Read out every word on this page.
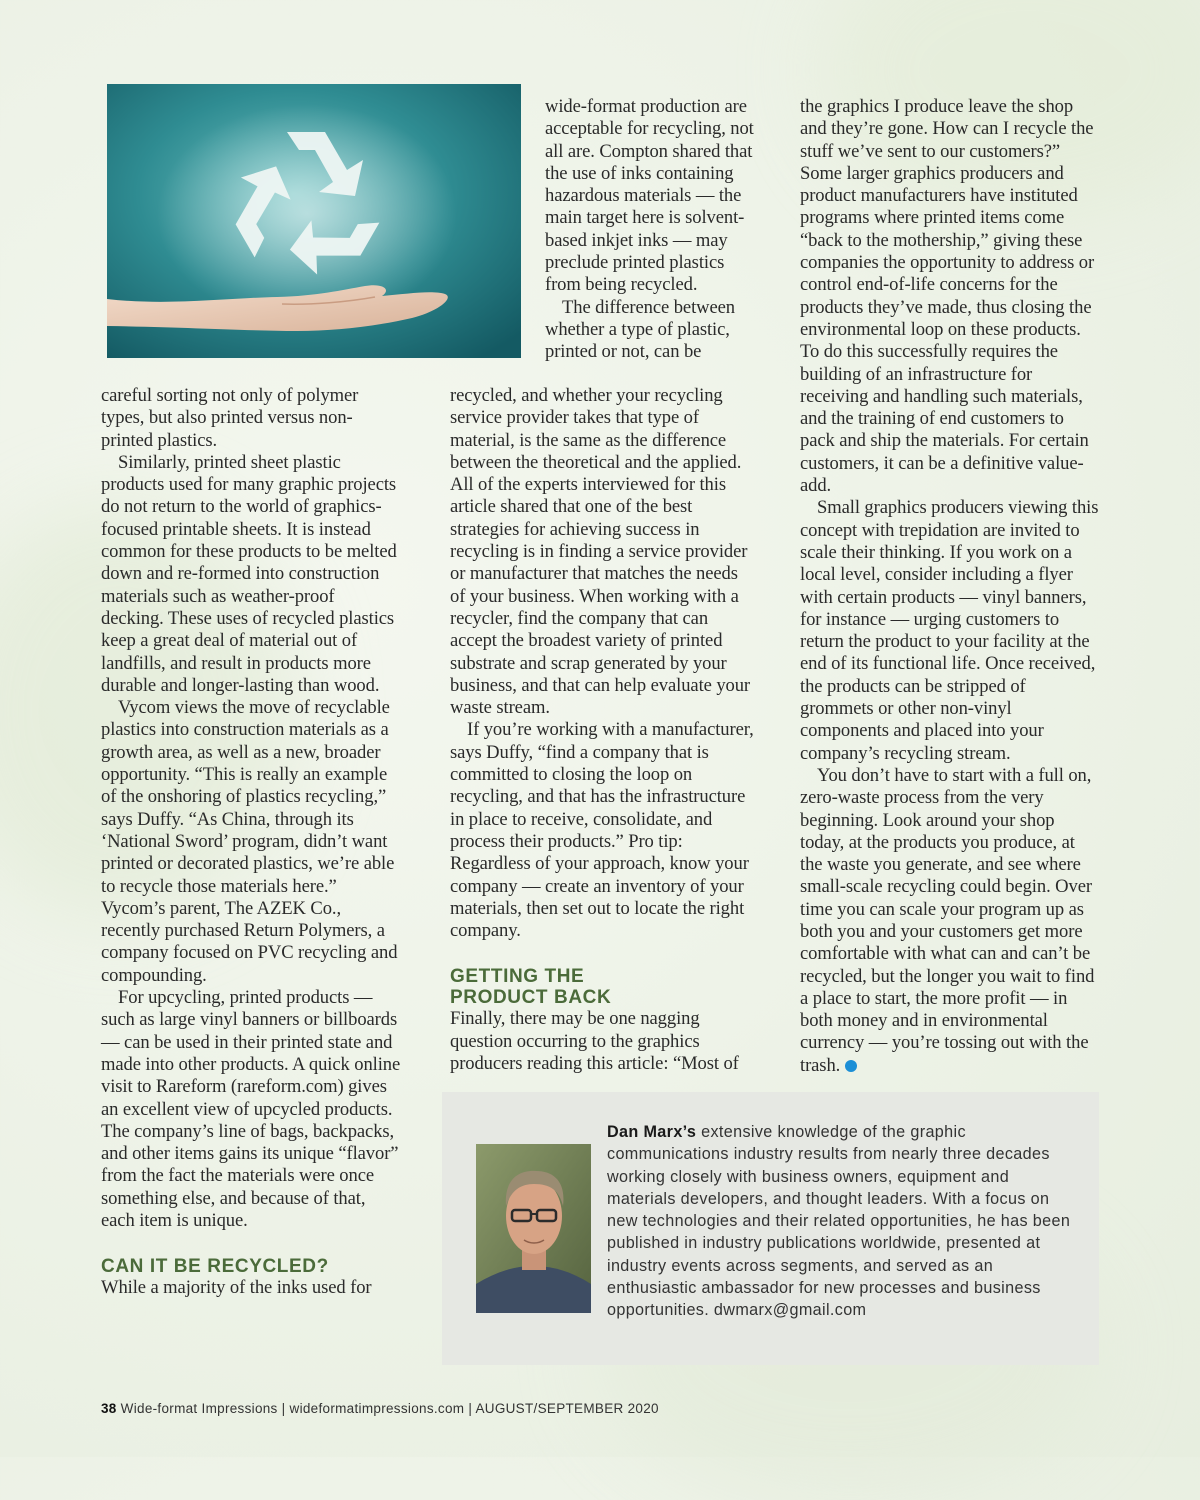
careful sorting not only of polymer types, but also printed versus non-printed plastics.

Similarly, printed sheet plastic products used for many graphic projects do not return to the world of graphics-focused printable sheets. It is instead common for these products to be melted down and re-formed into construction materials such as weather-proof decking. These uses of recycled plastics keep a great deal of material out of landfills, and result in products more durable and longer-lasting than wood.

Vycom views the move of recyclable plastics into construction materials as a growth area, as well as a new, broader opportunity. “This is really an example of the onshoring of plastics recycling,” says Duffy. “As China, through its ‘National Sword’ program, didn’t want printed or decorated plastics, we’re able to recycle those materials here.” Vycom’s parent, The AZEK Co., recently purchased Return Polymers, a company focused on PVC recycling and compounding.

For upcycling, printed products — such as large vinyl banners or billboards — can be used in their printed state and made into other products. A quick online visit to Rareform (rareform.com) gives an excellent view of upcycled products. The company’s line of bags, backpacks, and other items gains its unique “flavor” from the fact the materials were once something else, and because of that, each item is unique.

CAN IT BE RECYCLED?

While a majority of the inks used for

wide-format production are acceptable for recycling, not all are. Compton shared that the use of inks containing hazardous materials — the main target here is solvent-based inkjet inks — may preclude printed plastics from being recycled.

The difference between whether a type of plastic, printed or not, can be

recycled, and whether your recycling service provider takes that type of material, is the same as the difference between the theoretical and the applied. All of the experts interviewed for this article shared that one of the best strategies for achieving success in recycling is in finding a service provider or manufacturer that matches the needs of your business. When working with a recycler, find the company that can accept the broadest variety of printed substrate and scrap generated by your business, and that can help evaluate your waste stream.

If you’re working with a manufacturer, says Duffy, “find a company that is committed to closing the loop on recycling, and that has the infrastructure in place to receive, consolidate, and process their products.” Pro tip: Regardless of your approach, know your company — create an inventory of your materials, then set out to locate the right company.

GETTING THE
PRODUCT BACK

Finally, there may be one nagging question occurring to the graphics producers reading this article: “Most of

the graphics I produce leave the shop and they’re gone. How can I recycle the stuff we’ve sent to our customers?” Some larger graphics producers and product manufacturers have instituted programs where printed items come “back to the mothership,” giving these companies the opportunity to address or control end-of-life concerns for the products they’ve made, thus closing the environmental loop on these products. To do this successfully requires the building of an infrastructure for receiving and handling such materials, and the training of end customers to pack and ship the materials. For certain customers, it can be a definitive value-add.

Small graphics producers viewing this concept with trepidation are invited to scale their thinking. If you work on a local level, consider including a flyer with certain products — vinyl banners, for instance — urging customers to return the product to your facility at the end of its functional life. Once received, the products can be stripped of grommets or other non-vinyl components and placed into your company’s recycling stream.

You don’t have to start with a full on, zero-waste process from the very beginning. Look around your shop today, at the products you produce, at the waste you generate, and see where small-scale recycling could begin. Over time you can scale your program up as both you and your customers get more comfortable with what can and can’t be recycled, but the longer you wait to find a place to start, the more profit — in both money and in environmental currency — you’re tossing out with the trash.

Dan Marx’s extensive knowledge of the graphic communications industry results from nearly three decades working closely with business owners, equipment and materials developers, and thought leaders. With a focus on new technologies and their related opportunities, he has been published in industry publications worldwide, presented at industry events across segments, and served as an enthusiastic ambassador for new processes and business opportunities. dwmarx@gmail.com
38 Wide-format Impressions | wideformatimpressions.com | AUGUST/SEPTEMBER 2020
